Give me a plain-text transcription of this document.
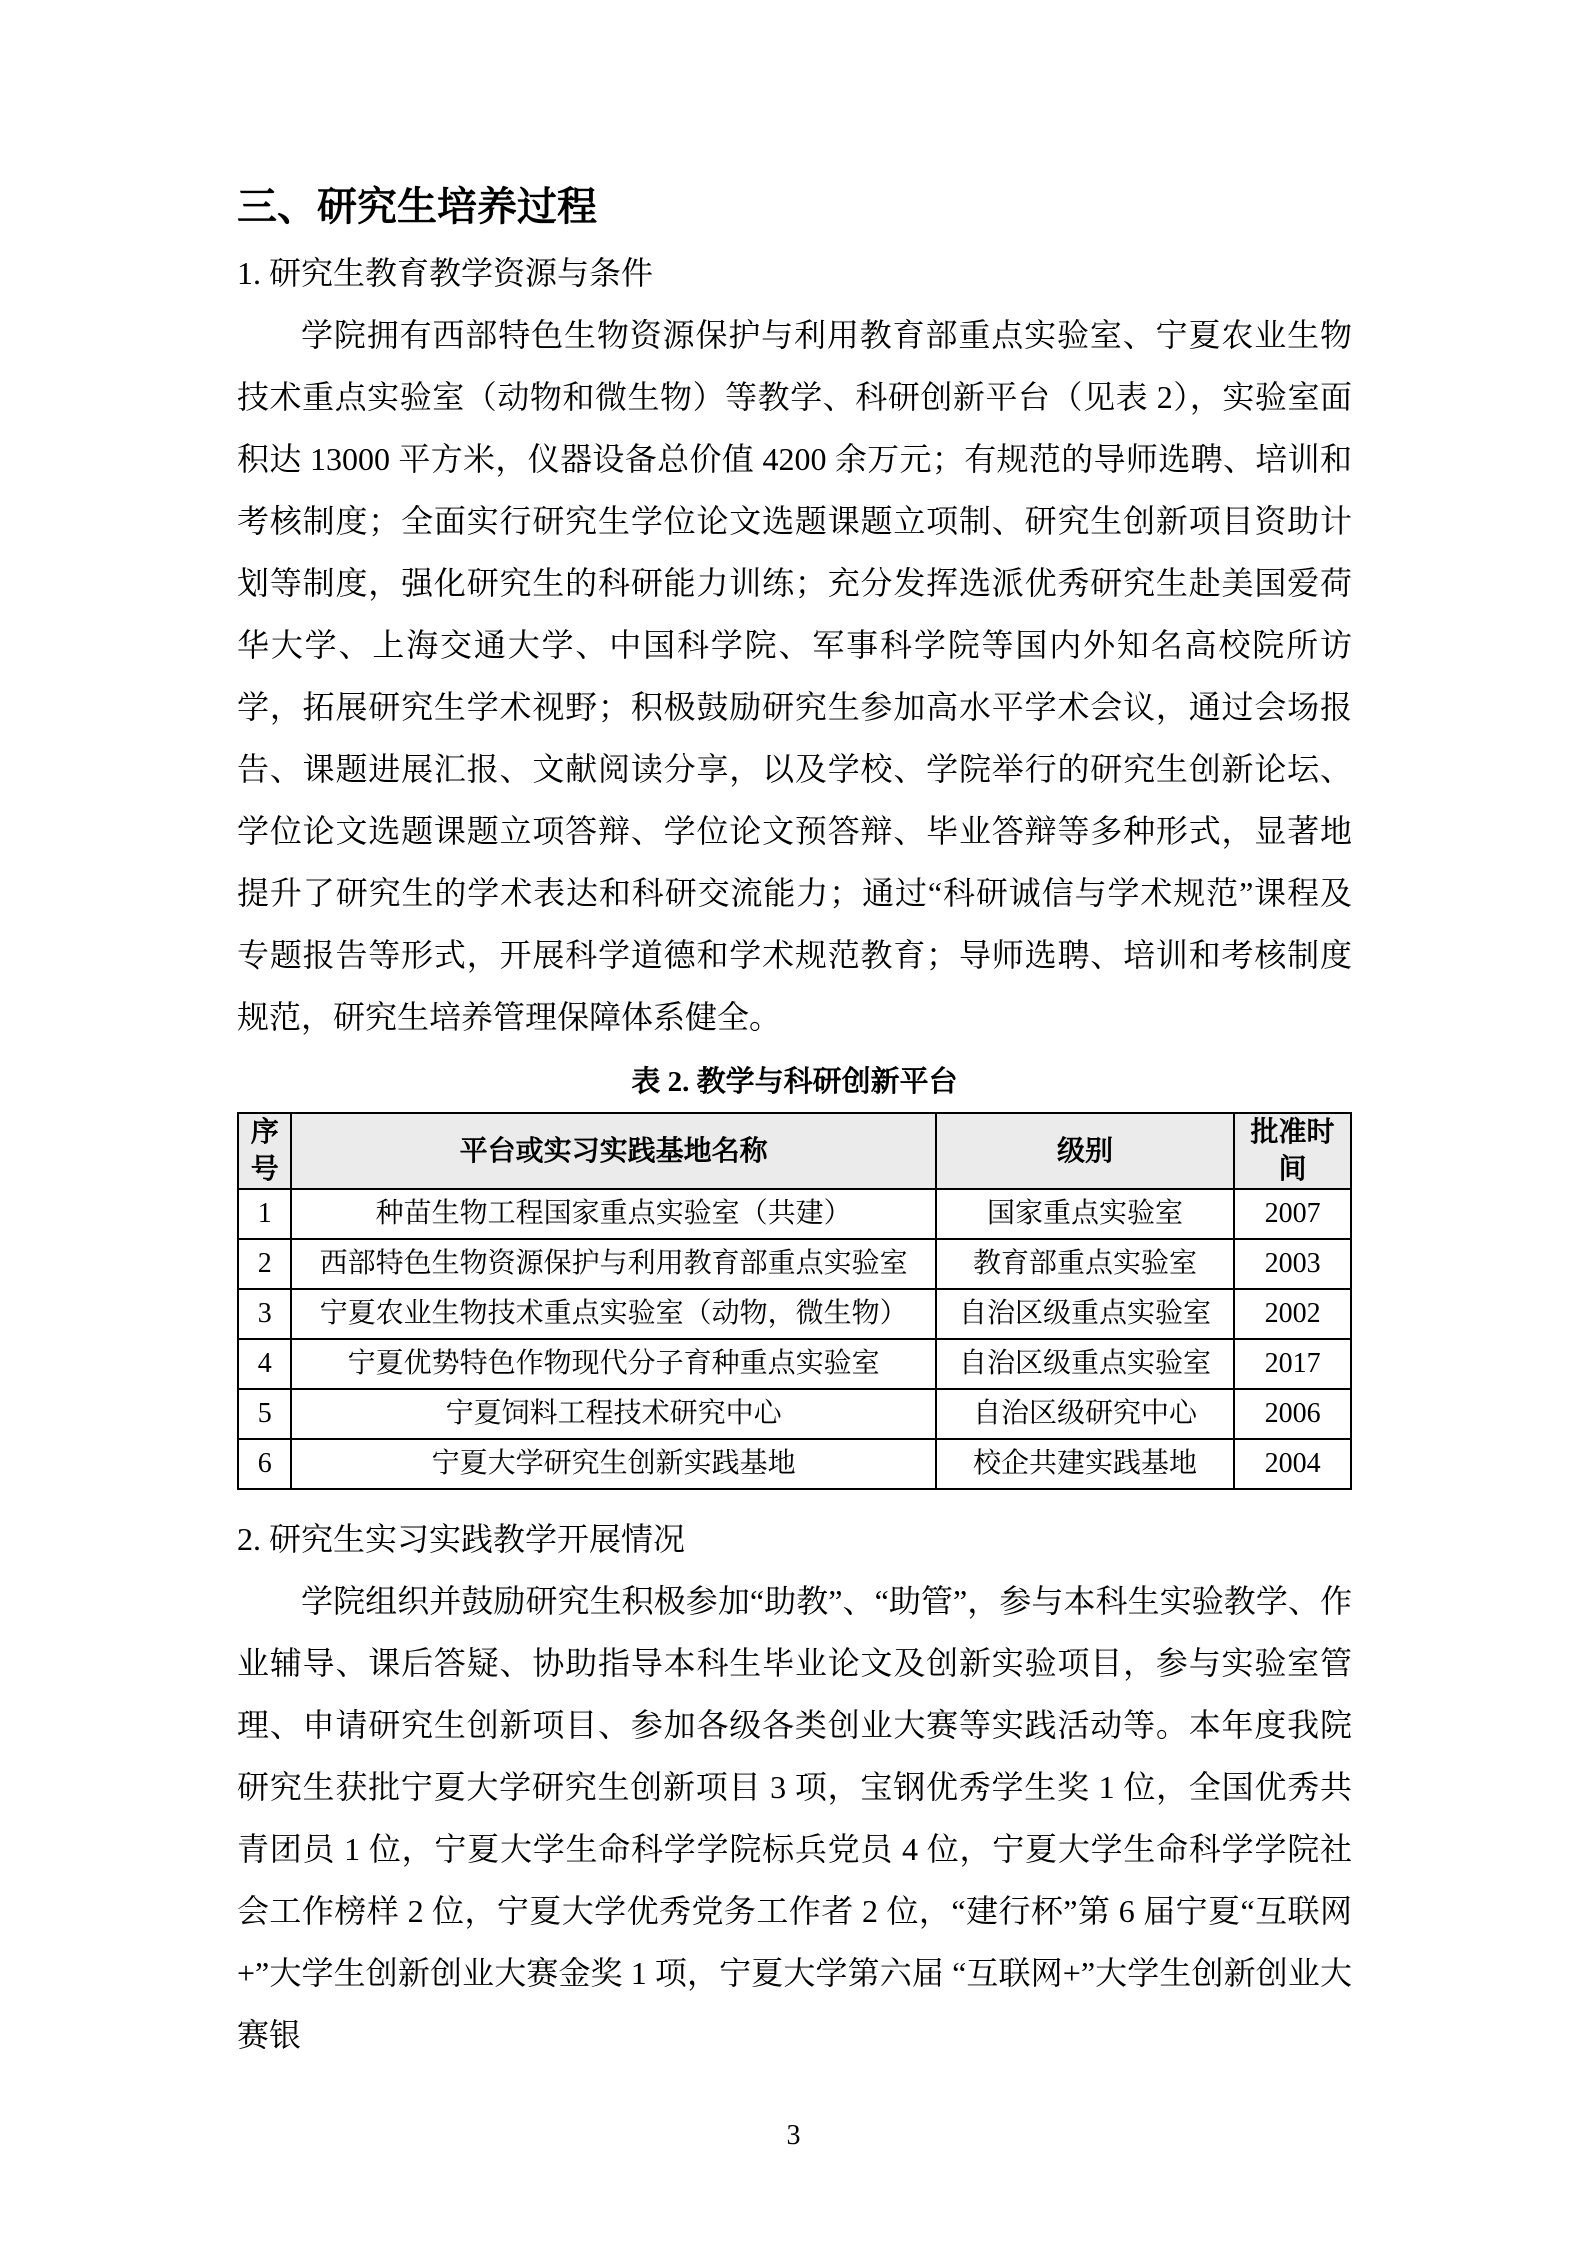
三、研究生培养过程
1. 研究生教育教学资源与条件

学院拥有西部特色生物资源保护与利用教育部重点实验室、宁夏农业生物技术重点实验室（动物和微生物）等教学、科研创新平台（见表 2），实验室面积达 13000 平方米，仪器设备总价值 4200 余万元；有规范的导师选聘、培训和考核制度；全面实行研究生学位论文选题课题立项制、研究生创新项目资助计划等制度，强化研究生的科研能力训练；充分发挥选派优秀研究生赴美国爱荷华大学、上海交通大学、中国科学院、军事科学院等国内外知名高校院所访学，拓展研究生学术视野；积极鼓励研究生参加高水平学术会议，通过会场报告、课题进展汇报、文献阅读分享，以及学校、学院举行的研究生创新论坛、学位论文选题课题立项答辩、学位论文预答辩、毕业答辩等多种形式，显著地提升了研究生的学术表达和科研交流能力；通过“科研诚信与学术规范”课程及专题报告等形式，开展科学道德和学术规范教育；导师选聘、培训和考核制度规范，研究生培养管理保障体系健全。

表 2. 教学与科研创新平台
序号	平台或实习实践基地名称	级别	批准时间
1	种苗生物工程国家重点实验室（共建）	国家重点实验室	2007
2	西部特色生物资源保护与利用教育部重点实验室	教育部重点实验室	2003
3	宁夏农业生物技术重点实验室（动物，微生物）	自治区级重点实验室	2002
4	宁夏优势特色作物现代分子育种重点实验室	自治区级重点实验室	2017
5	宁夏饲料工程技术研究中心	自治区级研究中心	2006
6	宁夏大学研究生创新实践基地	校企共建实践基地	2004
2. 研究生实习实践教学开展情况

学院组织并鼓励研究生积极参加“助教”、“助管”，参与本科生实验教学、作业辅导、课后答疑、协助指导本科生毕业论文及创新实验项目，参与实验室管理、申请研究生创新项目、参加各级各类创业大赛等实践活动等。本年度我院研究生获批宁夏大学研究生创新项目 3 项，宝钢优秀学生奖 1 位，全国优秀共青团员 1 位，宁夏大学生命科学学院标兵党员 4 位，宁夏大学生命科学学院社会工作榜样 2 位，宁夏大学优秀党务工作者 2 位，“建行杯”第 6 届宁夏“互联网+”大学生创新创业大赛金奖 1 项，宁夏大学第六届 “互联网+”大学生创新创业大赛银

3
